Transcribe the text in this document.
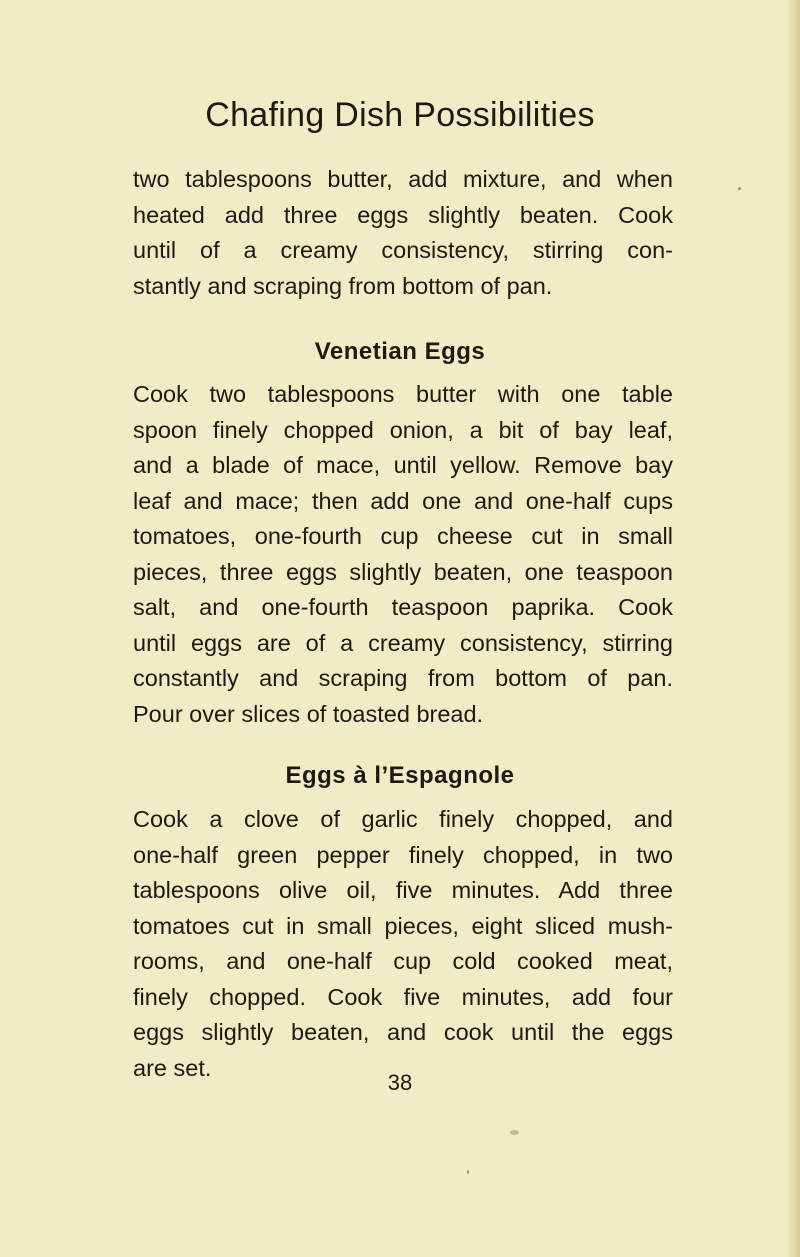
Chafing Dish Possibilities
two tablespoons butter, add mixture, and when
heated add three eggs slightly beaten. Cook
until of a creamy consistency, stirring con-
stantly and scraping from bottom of pan.
Venetian Eggs
Cook two tablespoons butter with one table
spoon finely chopped onion, a bit of bay leaf,
and a blade of mace, until yellow. Remove bay
leaf and mace; then add one and one-half cups
tomatoes, one-fourth cup cheese cut in small
pieces, three eggs slightly beaten, one teaspoon
salt, and one-fourth teaspoon paprika. Cook
until eggs are of a creamy consistency, stirring
constantly and scraping from bottom of pan.
Pour over slices of toasted bread.
Eggs à l’Espagnole
Cook a clove of garlic finely chopped, and
one-half green pepper finely chopped, in two
tablespoons olive oil, five minutes. Add three
tomatoes cut in small pieces, eight sliced mush-
rooms, and one-half cup cold cooked meat,
finely chopped. Cook five minutes, add four
eggs slightly beaten, and cook until the eggs
are set.
38
